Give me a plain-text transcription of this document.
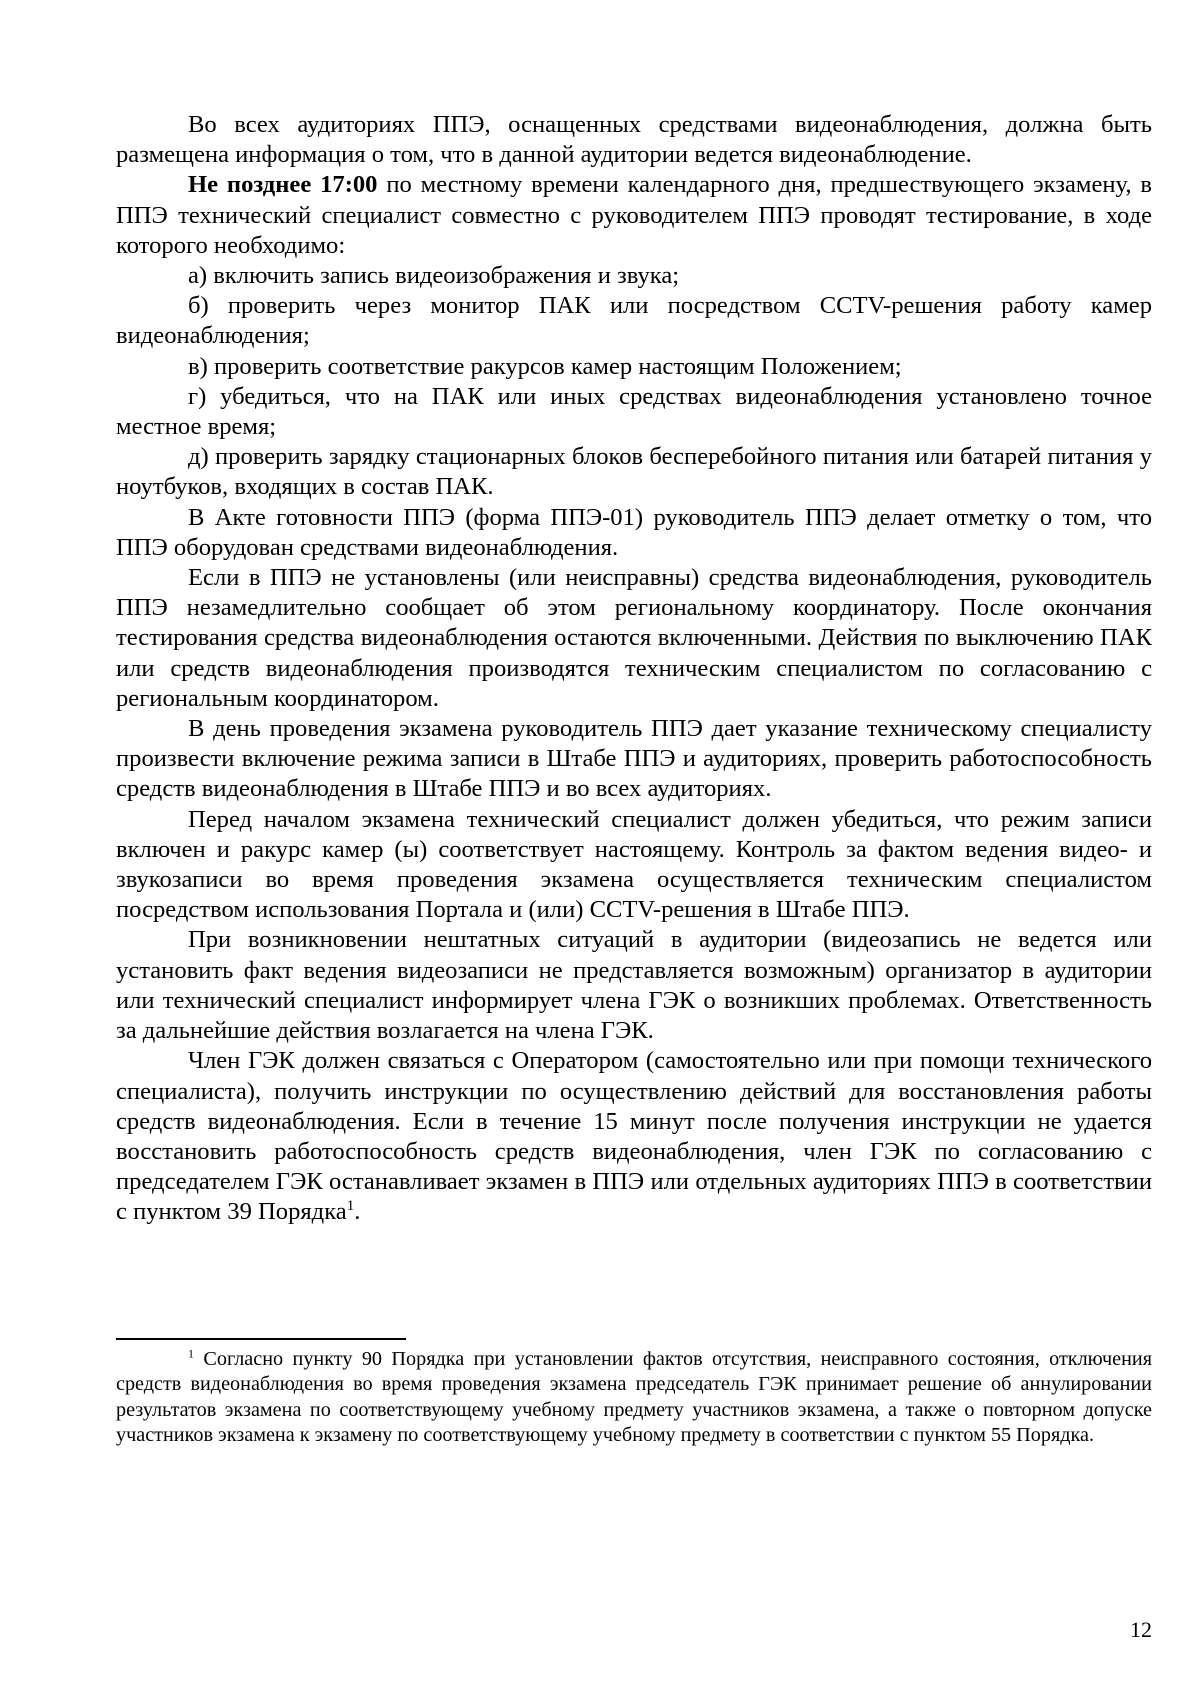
Во всех аудиториях ППЭ, оснащенных средствами видеонаблюдения, должна быть размещена информация о том, что в данной аудитории ведется видеонаблюдение.

Не позднее 17:00 по местному времени календарного дня, предшествующего экзамену, в ППЭ технический специалист совместно с руководителем ППЭ проводят тестирование, в ходе которого необходимо:

а) включить запись видеоизображения и звука;

б) проверить через монитор ПАК или посредством CCTV-решения работу камер видеонаблюдения;

в) проверить соответствие ракурсов камер настоящим Положением;

г) убедиться, что на ПАК или иных средствах видеонаблюдения установлено точное местное время;

д) проверить зарядку стационарных блоков бесперебойного питания или батарей питания у ноутбуков, входящих в состав ПАК.

В Акте готовности ППЭ (форма ППЭ-01) руководитель ППЭ делает отметку о том, что ППЭ оборудован средствами видеонаблюдения.

Если в ППЭ не установлены (или неисправны) средства видеонаблюдения, руководитель ППЭ незамедлительно сообщает об этом региональному координатору. После окончания тестирования средства видеонаблюдения остаются включенными. Действия по выключению ПАК или средств видеонаблюдения производятся техническим специалистом по согласованию с региональным координатором.

В день проведения экзамена руководитель ППЭ дает указание техническому специалисту произвести включение режима записи в Штабе ППЭ и аудиториях, проверить работоспособность средств видеонаблюдения в Штабе ППЭ и во всех аудиториях.

Перед началом экзамена технический специалист должен убедиться, что режим записи включен и ракурс камер (ы) соответствует настоящему. Контроль за фактом ведения видео- и звукозаписи во время проведения экзамена осуществляется техническим специалистом посредством использования Портала и (или) CCTV-решения в Штабе ППЭ.

При возникновении нештатных ситуаций в аудитории (видеозапись не ведется или установить факт ведения видеозаписи не представляется возможным) организатор в аудитории или технический специалист информирует члена ГЭК о возникших проблемах. Ответственность за дальнейшие действия возлагается на члена ГЭК.

Член ГЭК должен связаться с Оператором (самостоятельно или при помощи технического специалиста), получить инструкции по осуществлению действий для восстановления работы средств видеонаблюдения. Если в течение 15 минут после получения инструкции не удается восстановить работоспособность средств видеонаблюдения, член ГЭК по согласованию с председателем ГЭК останавливает экзамен в ППЭ или отдельных аудиториях ППЭ в соответствии с пунктом 39 Порядка$^1$.

$^1$ Согласно пункту 90 Порядка при установлении фактов отсутствия, неисправного состояния, отключения средств видеонаблюдения во время проведения экзамена председатель ГЭК принимает решение об аннулировании результатов экзамена по соответствующему учебному предмету участников экзамена, а также о повторном допуске участников экзамена к экзамену по соответствующему учебному предмету в соответствии с пунктом 55 Порядка.

12
